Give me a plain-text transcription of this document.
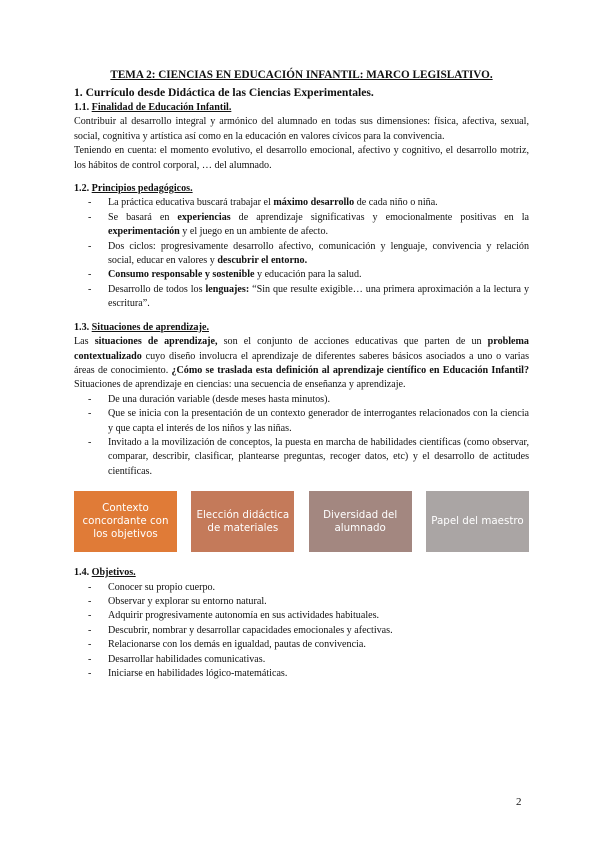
TEMA 2: CIENCIAS EN EDUCACIÓN INFANTIL: MARCO LEGISLATIVO.
1. Currículo desde Didáctica de las Ciencias Experimentales.
1.1. Finalidad de Educación Infantil.

Contribuir al desarrollo integral y armónico del alumnado en todas sus dimensiones: física, afectiva, sexual, social, cognitiva y artística así como en la educación en valores cívicos para la convivencia.

Teniendo en cuenta: el momento evolutivo, el desarrollo emocional, afectivo y cognitivo, el desarrollo motriz, los hábitos de control corporal, … del alumnado.

1.2. Principios pedagógicos.
- La práctica educativa buscará trabajar el máximo desarrollo de cada niño o niña.
- Se basará en experiencias de aprendizaje significativas y emocionalmente positivas en la experimentación y el juego en un ambiente de afecto.
- Dos ciclos: progresivamente desarrollo afectivo, comunicación y lenguaje, convivencia y relación social, educar en valores y descubrir el entorno.
- Consumo responsable y sostenible y educación para la salud.
- Desarrollo de todos los lenguajes: “Sin que resulte exigible… una primera aproximación a la lectura y escritura”.
1.3. Situaciones de aprendizaje.

Las situaciones de aprendizaje, son el conjunto de acciones educativas que parten de un problema contextualizado cuyo diseño involucra el aprendizaje de diferentes saberes básicos asociados a uno o varias áreas de conocimiento. ¿Cómo se traslada esta definición al aprendizaje científico en Educación Infantil? Situaciones de aprendizaje en ciencias: una secuencia de enseñanza y aprendizaje.

- De una duración variable (desde meses hasta minutos).
- Que se inicia con la presentación de un contexto generador de interrogantes relacionados con la ciencia y que capta el interés de los niños y las niñas.
- Invitado a la movilización de conceptos, la puesta en marcha de habilidades científicas (como observar, comparar, describir, clasificar, plantearse preguntas, recoger datos, etc) y el desarrollo de actitudes científicas.
Contexto concordante con los objetivos
Elección didáctica de materiales
Diversidad del alumnado
Papel del maestro
1.4. Objetivos.
- Conocer su propio cuerpo.
- Observar y explorar su entorno natural.
- Adquirir progresivamente autonomía en sus actividades habituales.
- Descubrir, nombrar y desarrollar capacidades emocionales y afectivas.
- Relacionarse con los demás en igualdad, pautas de convivencia.
- Desarrollar habilidades comunicativas.
- Iniciarse en habilidades lógico-matemáticas.
2
